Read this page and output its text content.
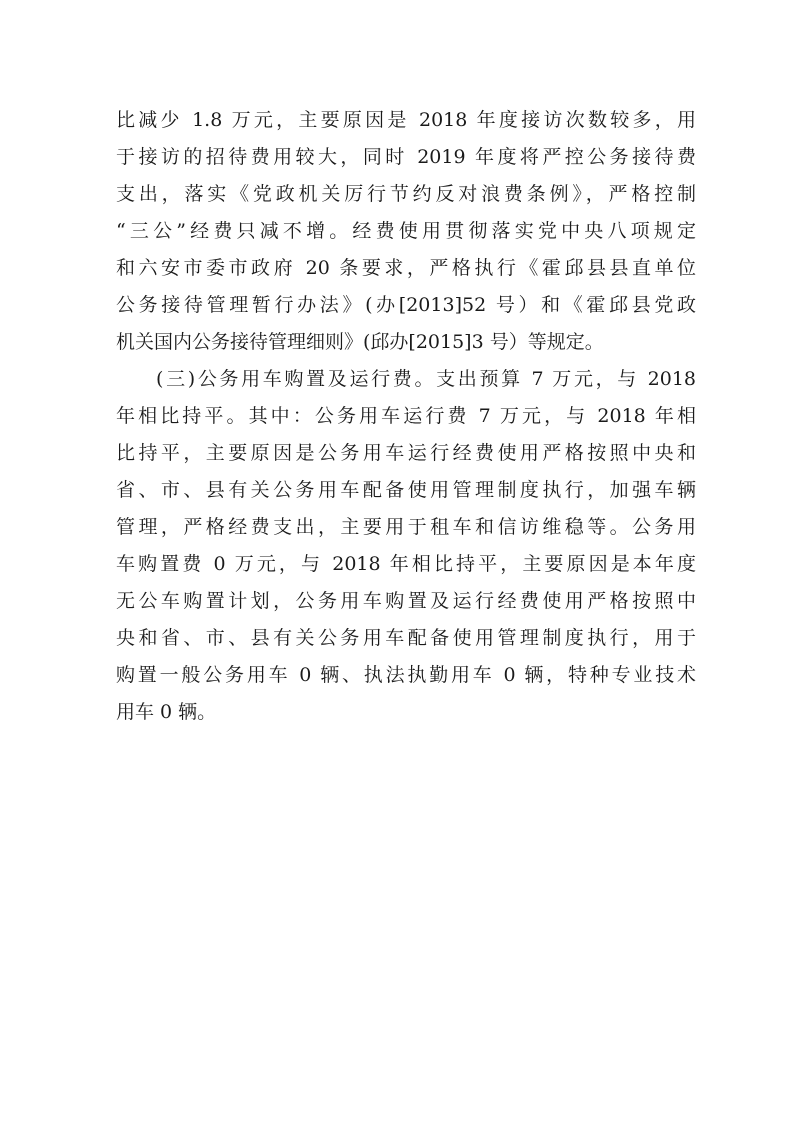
比减少 1.8 万元，主要原因是 2018 年度接访次数较多，用
于接访的招待费用较大，同时 2019 年度将严控公务接待费
支出，落实《党政机关厉行节约反对浪费条例》，严格控制
“三公”经费只减不增。经费使用贯彻落实党中央八项规定
和六安市委市政府 20 条要求，严格执行《霍邱县县直单位
公务接待管理暂行办法》(办[2013]52 号）和《霍邱县党政
机关国内公务接待管理细则》(邱办[2015]3 号）等规定。
(三)公务用车购置及运行费。支出预算 7 万元，与 2018
年相比持平。其中：公务用车运行费 7 万元，与 2018 年相
比持平，主要原因是公务用车运行经费使用严格按照中央和
省、市、县有关公务用车配备使用管理制度执行，加强车辆
管理，严格经费支出，主要用于租车和信访维稳等。公务用
车购置费 0 万元，与 2018 年相比持平，主要原因是本年度
无公车购置计划，公务用车购置及运行经费使用严格按照中
央和省、市、县有关公务用车配备使用管理制度执行，用于
购置一般公务用车 0 辆、执法执勤用车 0 辆，特种专业技术
用车 0 辆。
